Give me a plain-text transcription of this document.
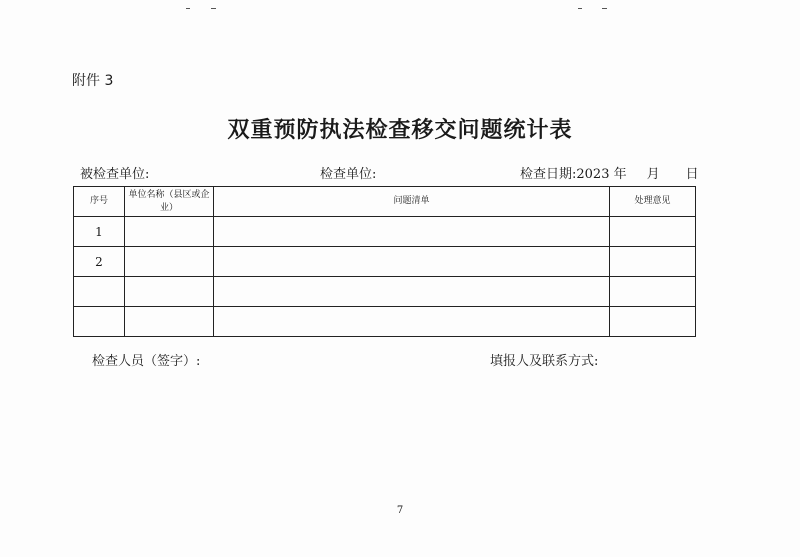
附件 3
双重预防执法检查移交问题统计表
被检查单位:	检查单位:	检查日期:2023 年 月 日
序号	单位名称（县区或企业）	问题清单	处理意见
1			
2			

检查人员（签字）:	填报人及联系方式:
7
